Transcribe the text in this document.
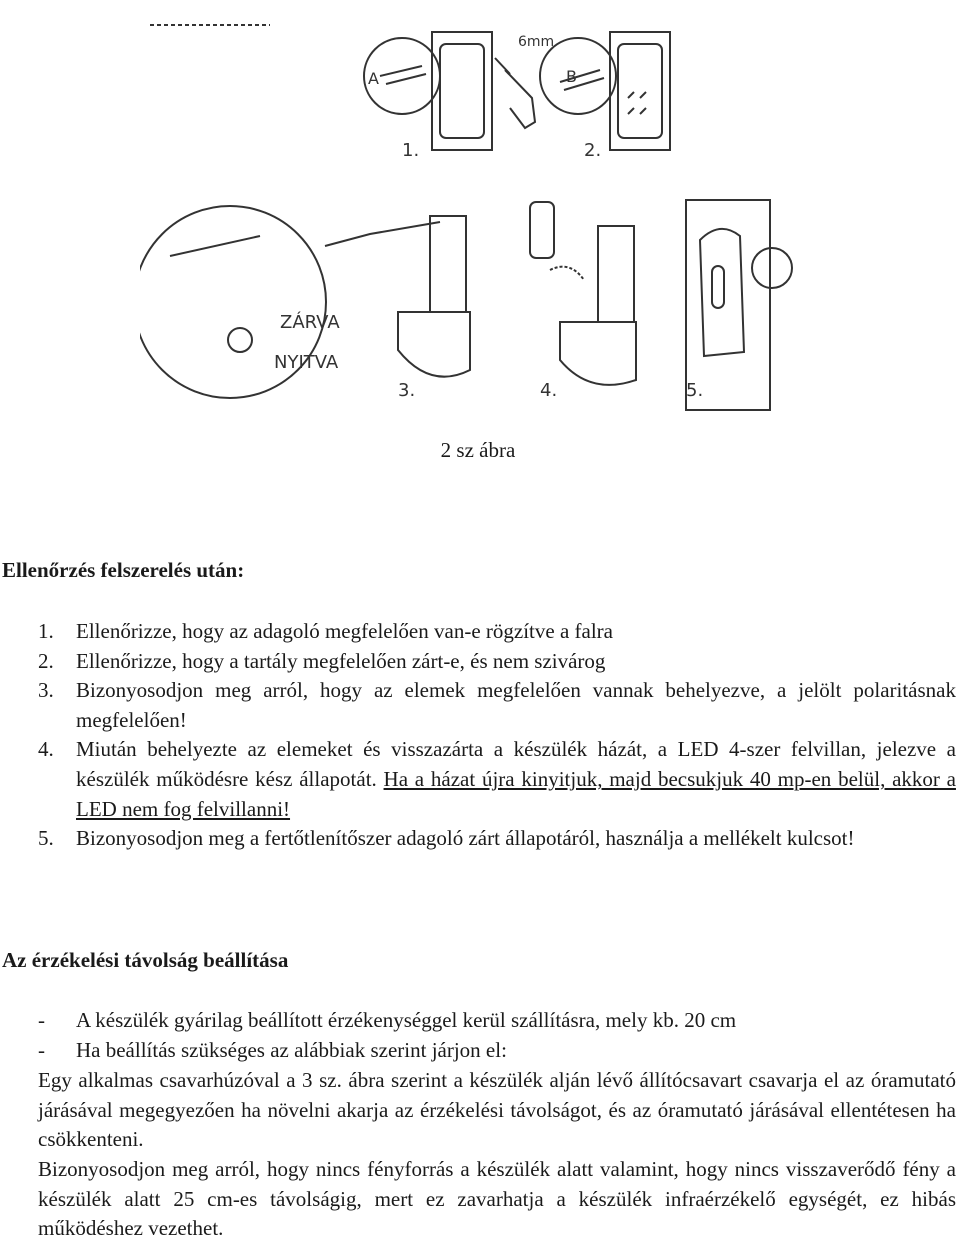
6mm
A	B
ZÁRVA
NYITVA
1.	2.
3.	4.	5.
2 sz ábra
Ellenőrzés felszerelés után:
1. Ellenőrizze, hogy az adagoló megfelelően van-e rögzítve a falra
2. Ellenőrizze, hogy a tartály megfelelően zárt-e, és nem szivárog
3. Bizonyosodjon meg arról, hogy az elemek megfelelően vannak behelyezve, a jelölt polaritásnak megfelelően!
4. Miután behelyezte az elemeket és visszazárta a készülék házát, a LED 4-szer felvillan, jelezve a készülék működésre kész állapotát. Ha a házat újra kinyitjuk, majd becsukjuk 40 mp-en belül, akkor a LED nem fog felvillanni!
5. Bizonyosodjon meg a fertőtlenítőszer adagoló zárt állapotáról, használja a mellékelt kulcsot!
Az érzékelési távolság beállítása
- A készülék gyárilag beállított érzékenységgel kerül szállításra, mely kb. 20 cm
- Ha beállítás szükséges az alábbiak szerint járjon el:
Egy alkalmas csavarhúzóval a 3 sz. ábra szerint a készülék alján lévő állítócsavart csavarja el az óramutató járásával megegyezően ha növelni akarja az érzékelési távolságot, és az óramutató járásával ellentétesen ha csökkenteni.
Bizonyosodjon meg arról, hogy nincs fényforrás a készülék alatt valamint, hogy nincs visszaverődő fény a készülék alatt 25 cm-es távolságig, mert ez zavarhatja a készülék infraérzékelő egységét, ez hibás működéshez vezethet.
